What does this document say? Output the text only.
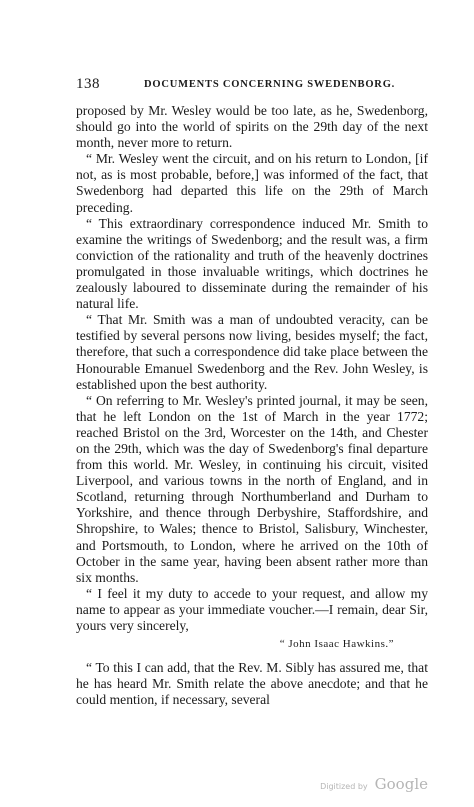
138	DOCUMENTS CONCERNING SWEDENBORG.

proposed by Mr. Wesley would be too late, as he, Swedenborg, should go into the world of spirits on the 29th day of the next month, never more to return.

“ Mr. Wesley went the circuit, and on his return to London, [if not, as is most probable, before,] was informed of the fact, that Swedenborg had departed this life on the 29th of March preceding.

“ This extraordinary correspondence induced Mr. Smith to examine the writings of Swedenborg; and the result was, a firm conviction of the rationality and truth of the heavenly doctrines promulgated in those invaluable writings, which doctrines he zealously laboured to disseminate during the remainder of his natural life.

“ That Mr. Smith was a man of undoubted veracity, can be testified by several persons now living, besides myself; the fact, therefore, that such a correspondence did take place between the Honourable Emanuel Swedenborg and the Rev. John Wesley, is established upon the best authority.

“ On referring to Mr. Wesley's printed journal, it may be seen, that he left London on the 1st of March in the year 1772; reached Bristol on the 3rd, Worcester on the 14th, and Chester on the 29th, which was the day of Swedenborg's final departure from this world. Mr. Wesley, in continuing his circuit, visited Liverpool, and various towns in the north of England, and in Scotland, returning through Northumberland and Durham to Yorkshire, and thence through Derbyshire, Staffordshire, and Shropshire, to Wales; thence to Bristol, Salisbury, Winchester, and Portsmouth, to London, where he arrived on the 10th of October in the same year, having been absent rather more than six months.

“ I feel it my duty to accede to your request, and allow my name to appear as your immediate voucher.—I remain, dear Sir, yours very sincerely,

“ John Isaac Hawkins.”

“ To this I can add, that the Rev. M. Sibly has assured me, that he has heard Mr. Smith relate the above anecdote; and that he could mention, if necessary, several

Digitized by Google
